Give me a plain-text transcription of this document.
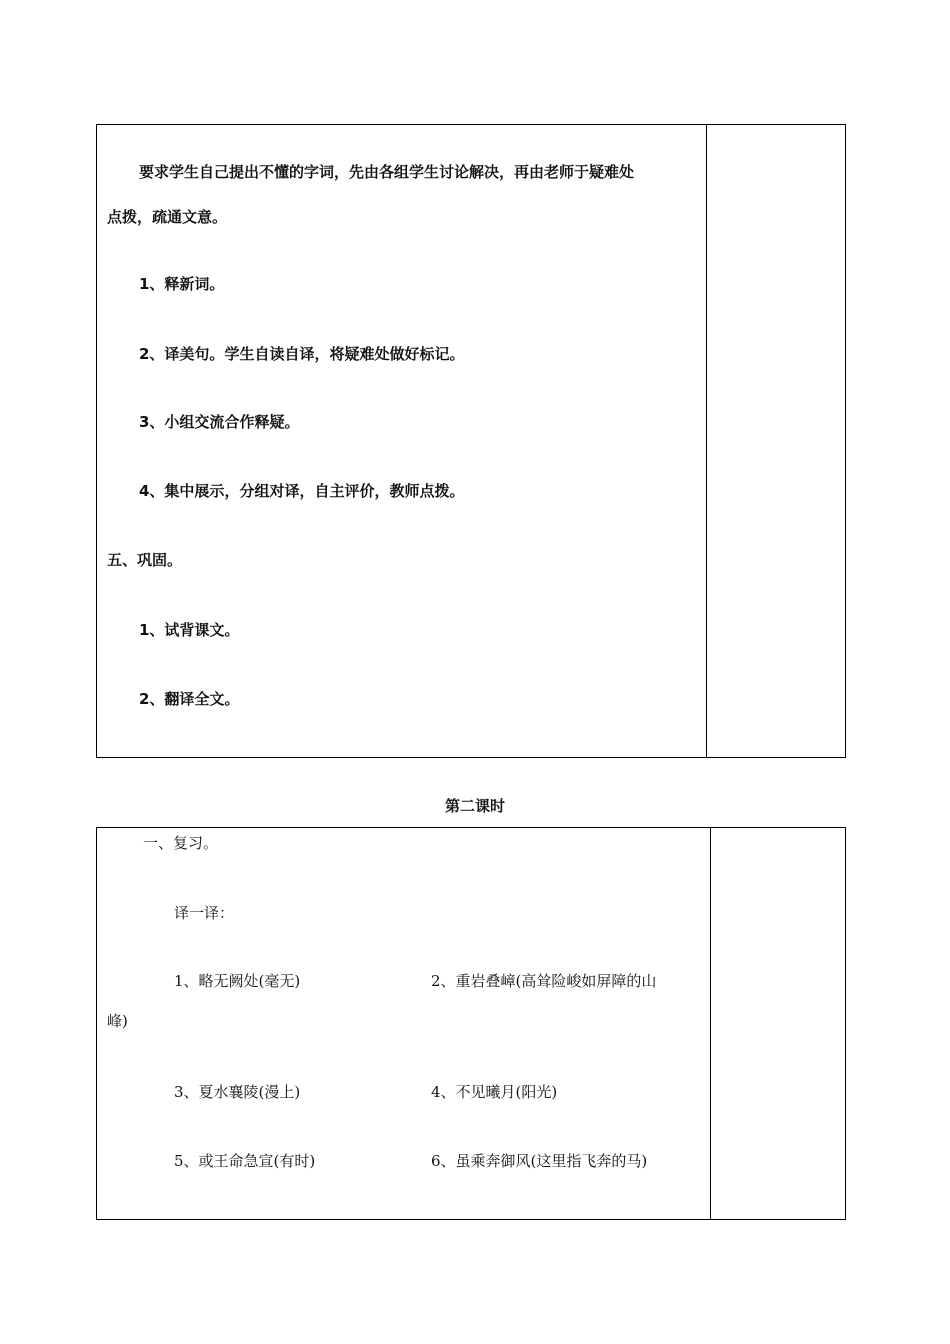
要求学生自己提出不懂的字词，先由各组学生讨论解决，再由老师于疑难处
点拨，疏通文意。
1、释新词。
2、译美句。学生自读自译，将疑难处做好标记。
3、小组交流合作释疑。
4、集中展示，分组对译，自主评价，教师点拨。
五、巩固。
1、试背课文。
2、翻译全文。
第二课时
一、复习。
译一译：
1、略无阙处(毫无)	2、重岩叠嶂(高耸险峻如屏障的山
峰)
3、夏水襄陵(漫上)	4、不见曦月(阳光)
5、或王命急宣(有时)	6、虽乘奔御风(这里指飞奔的马)
